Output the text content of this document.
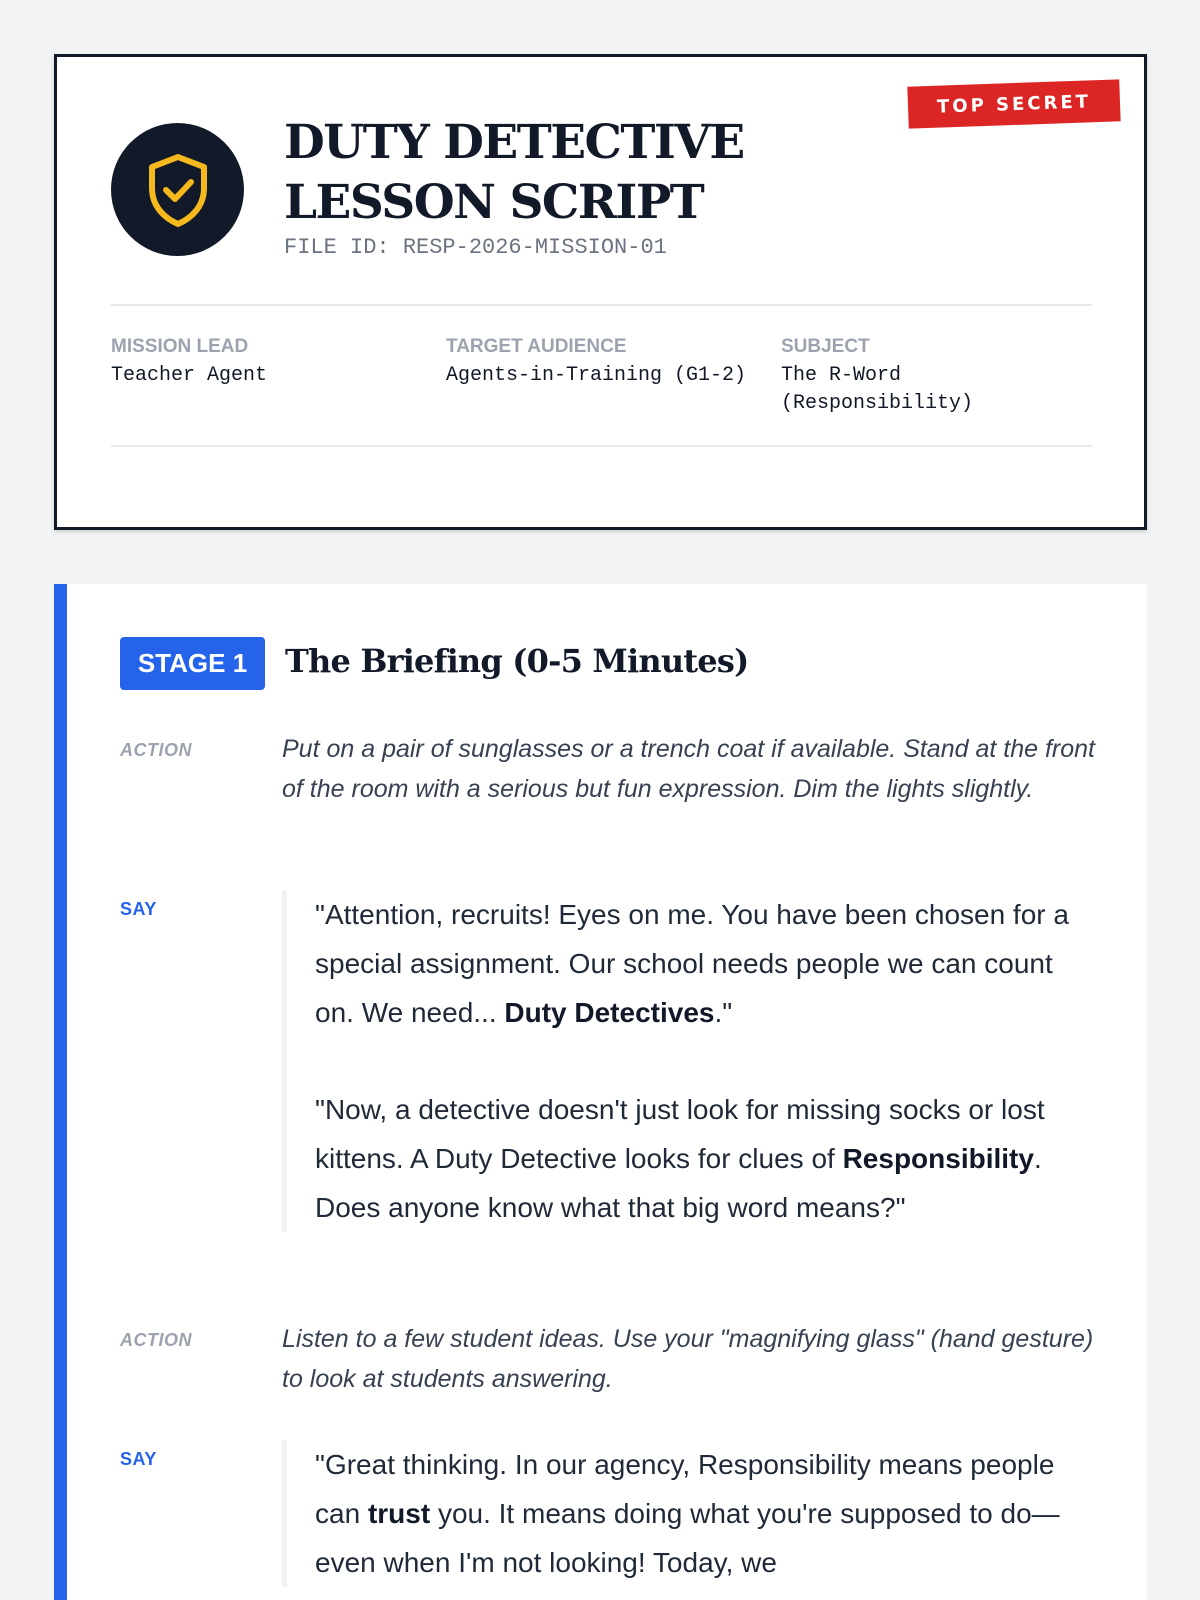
TOP SECRET
DUTY DETECTIVE LESSON SCRIPT
FILE ID: RESP-2026-MISSION-01
MISSION LEAD
Teacher Agent
TARGET AUDIENCE
Agents-in-Training (G1-2)
SUBJECT
The R-Word (Responsibility)
STAGE 1	The Briefing (0-5 Minutes)
ACTION	Put on a pair of sunglasses or a trench coat if available. Stand at the front of the room with a serious but fun expression. Dim the lights slightly.
SAY	"Attention, recruits! Eyes on me. You have been chosen for a special assignment. Our school needs people we can count on. We need... Duty Detectives."

"Now, a detective doesn't just look for missing socks or lost kittens. A Duty Detective looks for clues of Responsibility. Does anyone know what that big word means?"

ACTION	Listen to a few student ideas. Use your "magnifying glass" (hand gesture) to look at students answering.
SAY	"Great thinking. In our agency, Responsibility means people can trust you. It means doing what you're supposed to do—even when I'm not looking! Today, we
